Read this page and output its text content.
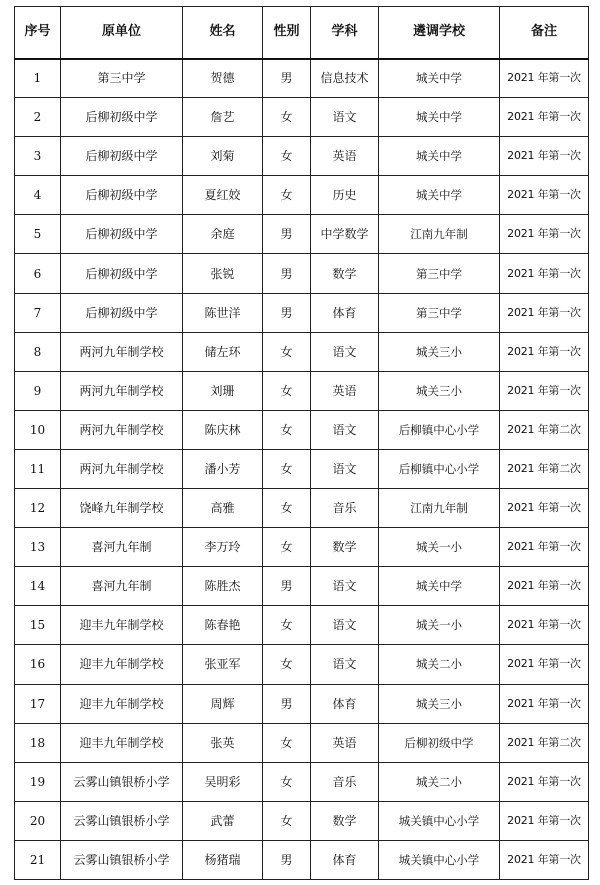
序号	原单位	姓名	性别	学科	遴调学校	备注
1	第三中学	贺德	男	信息技术	城关中学	2021 年第一次
2	后柳初级中学	詹艺	女	语文	城关中学	2021 年第一次
3	后柳初级中学	刘菊	女	英语	城关中学	2021 年第一次
4	后柳初级中学	夏红姣	女	历史	城关中学	2021 年第一次
5	后柳初级中学	余庭	男	中学数学	江南九年制	2021 年第一次
6	后柳初级中学	张锐	男	数学	第三中学	2021 年第一次
7	后柳初级中学	陈世洋	男	体育	第三中学	2021 年第一次
8	两河九年制学校	储左环	女	语文	城关三小	2021 年第一次
9	两河九年制学校	刘珊	女	英语	城关三小	2021 年第一次
10	两河九年制学校	陈庆林	女	语文	后柳镇中心小学	2021 年第二次
11	两河九年制学校	潘小芳	女	语文	后柳镇中心小学	2021 年第二次
12	饶峰九年制学校	高雅	女	音乐	江南九年制	2021 年第一次
13	喜河九年制	李万玲	女	数学	城关一小	2021 年第一次
14	喜河九年制	陈胜杰	男	语文	城关中学	2021 年第一次
15	迎丰九年制学校	陈春艳	女	语文	城关一小	2021 年第一次
16	迎丰九年制学校	张亚军	女	语文	城关二小	2021 年第一次
17	迎丰九年制学校	周辉	男	体育	城关三小	2021 年第一次
18	迎丰九年制学校	张英	女	英语	后柳初级中学	2021 年第二次
19	云雾山镇银桥小学	吴明彩	女	音乐	城关二小	2021 年第一次
20	云雾山镇银桥小学	武蕾	女	数学	城关镇中心小学	2021 年第一次
21	云雾山镇银桥小学	杨猪瑞	男	体育	城关镇中心小学	2021 年第一次
